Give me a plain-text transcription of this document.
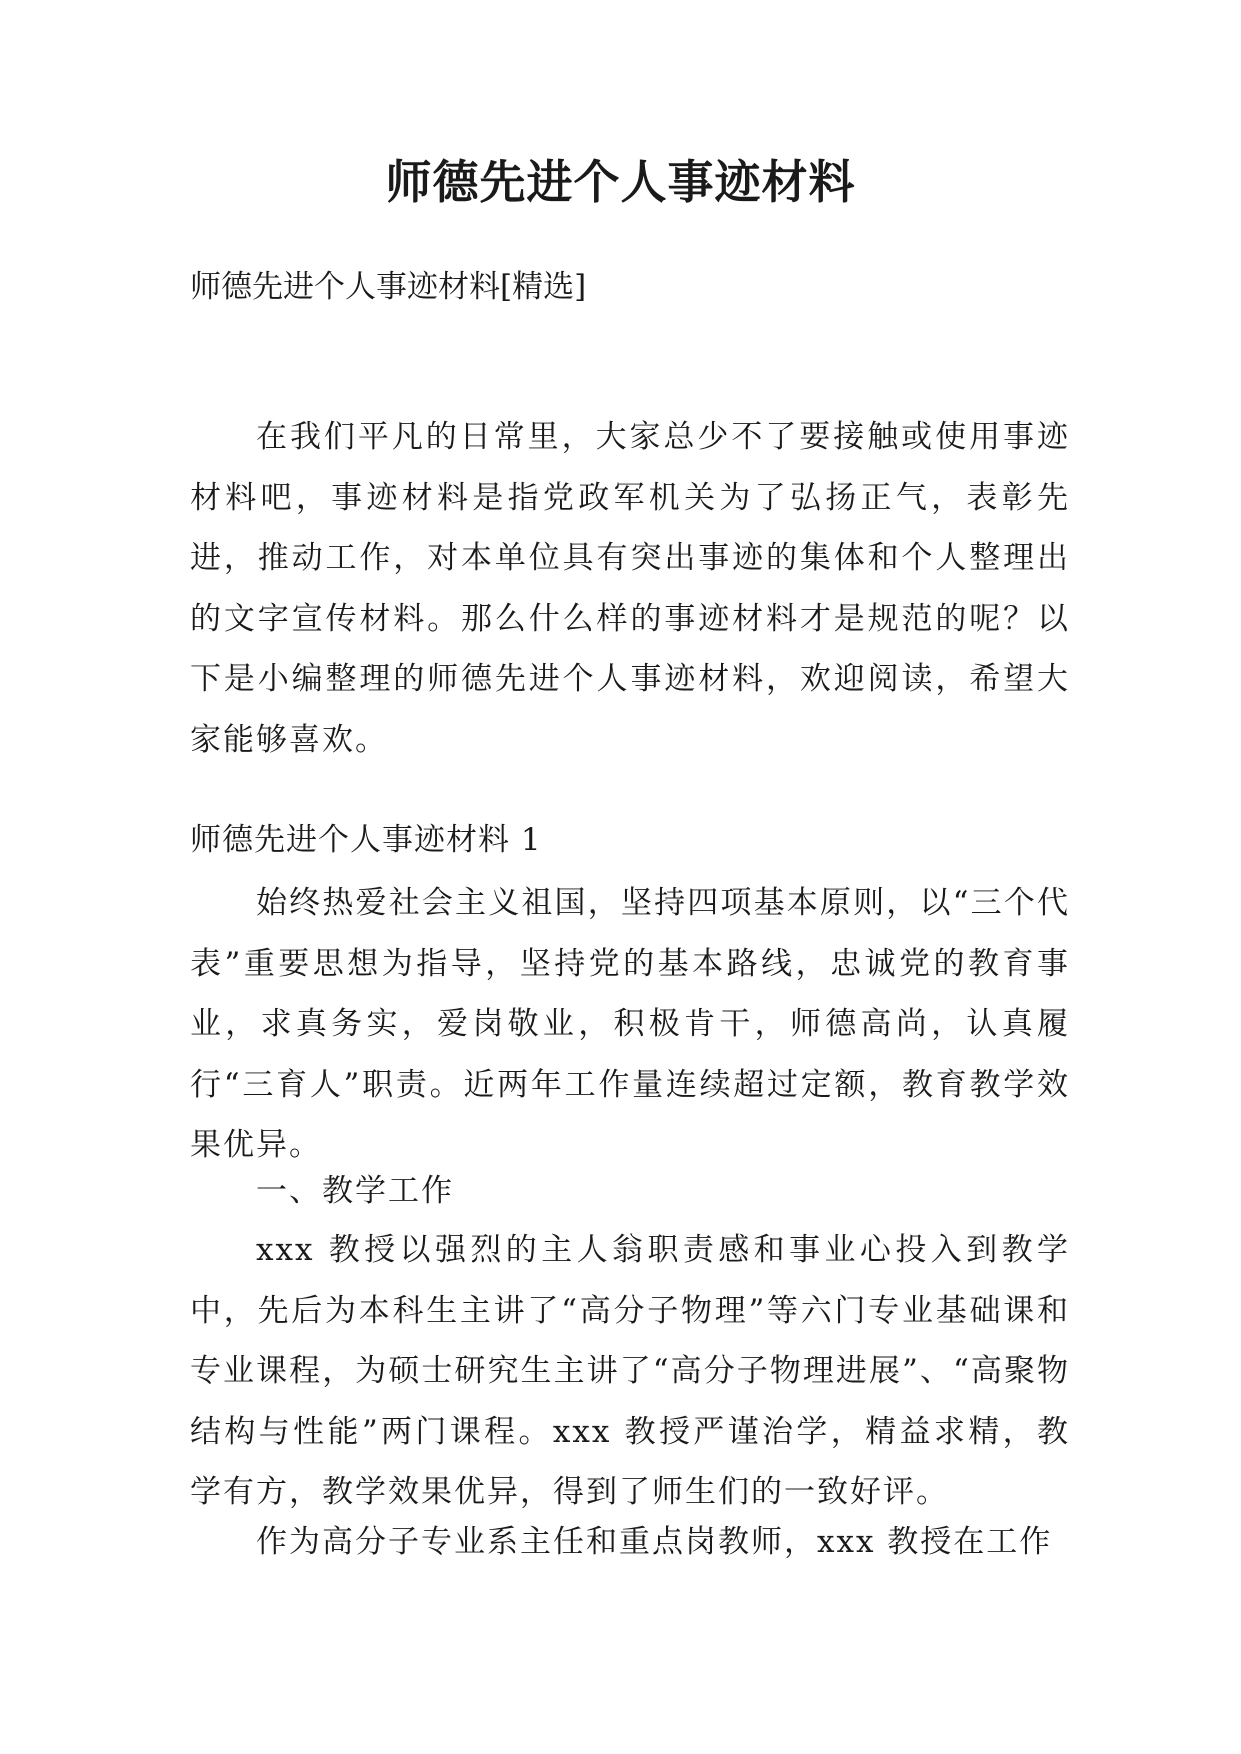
师德先进个人事迹材料

师德先进个人事迹材料[精选]

在我们平凡的日常里，大家总少不了要接触或使用事迹材料吧，事迹材料是指党政军机关为了弘扬正气，表彰先进，推动工作，对本单位具有突出事迹的集体和个人整理出的文字宣传材料。那么什么样的事迹材料才是规范的呢？以下是小编整理的师德先进个人事迹材料，欢迎阅读，希望大家能够喜欢。

师德先进个人事迹材料 1

始终热爱社会主义祖国，坚持四项基本原则，以“三个代表”重要思想为指导，坚持党的基本路线，忠诚党的教育事业，求真务实，爱岗敬业，积极肯干，师德高尚，认真履行“三育人”职责。近两年工作量连续超过定额，教育教学效果优异。

一、教学工作

xxx 教授以强烈的主人翁职责感和事业心投入到教学中，先后为本科生主讲了“高分子物理”等六门专业基础课和专业课程，为硕士研究生主讲了“高分子物理进展”、“高聚物结构与性能”两门课程。xxx 教授严谨治学，精益求精，教学有方，教学效果优异，得到了师生们的一致好评。

作为高分子专业系主任和重点岗教师，xxx 教授在工作
